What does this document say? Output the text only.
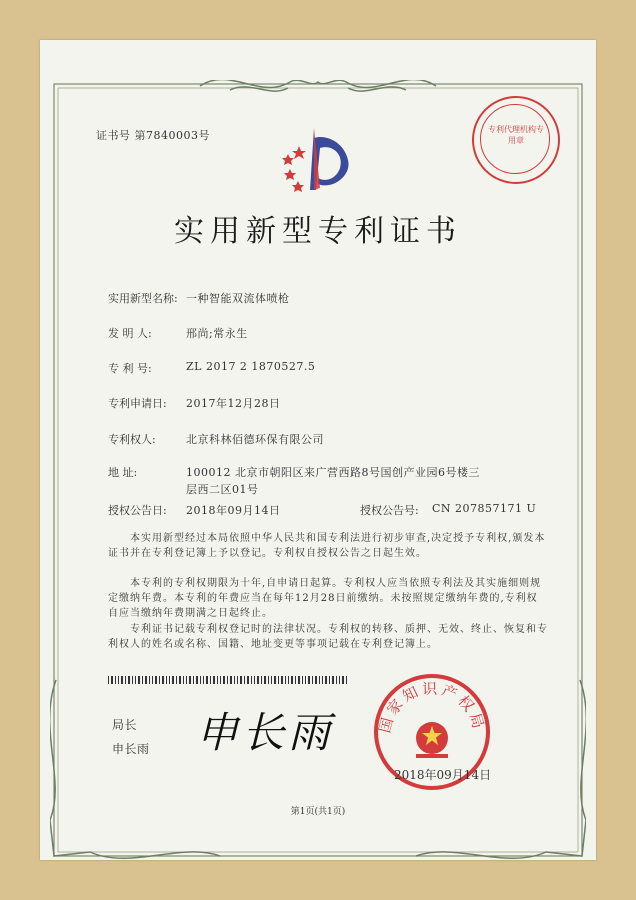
证书号 第7840003号	专利代理机构专用章
实用新型专利证书
实用新型名称: 一种智能双流体喷枪
发 明 人:	邢尚;常永生
专 利 号:	ZL 2017 2 1870527.5
专利申请日: 2017年12月28日
专利权人:	北京科林佰德环保有限公司
地 址:	100012 北京市朝阳区来广营西路8号国创产业园6号楼三
层西二区01号
授权公告日: 2018年09月14日	授权公告号: CN 207857171 U
本实用新型经过本局依照中华人民共和国专利法进行初步审查,决定授予专利权,颁发本证书并在专利登记簿上予以登记。专利权自授权公告之日起生效。
本专利的专利权期限为十年,自申请日起算。专利权人应当依照专利法及其实施细则规定缴纳年费。本专利的年费应当在每年12月28日前缴纳。未按照规定缴纳年费的,专利权自应当缴纳年费期满之日起终止。
专利证书记载专利权登记时的法律状况。专利权的转移、质押、无效、终止、恢复和专利权人的姓名或名称、国籍、地址变更等事项记载在专利登记簿上。
局长
申长雨 申长雨	国家知识产权局
2018年09月14日
第1页(共1页)
